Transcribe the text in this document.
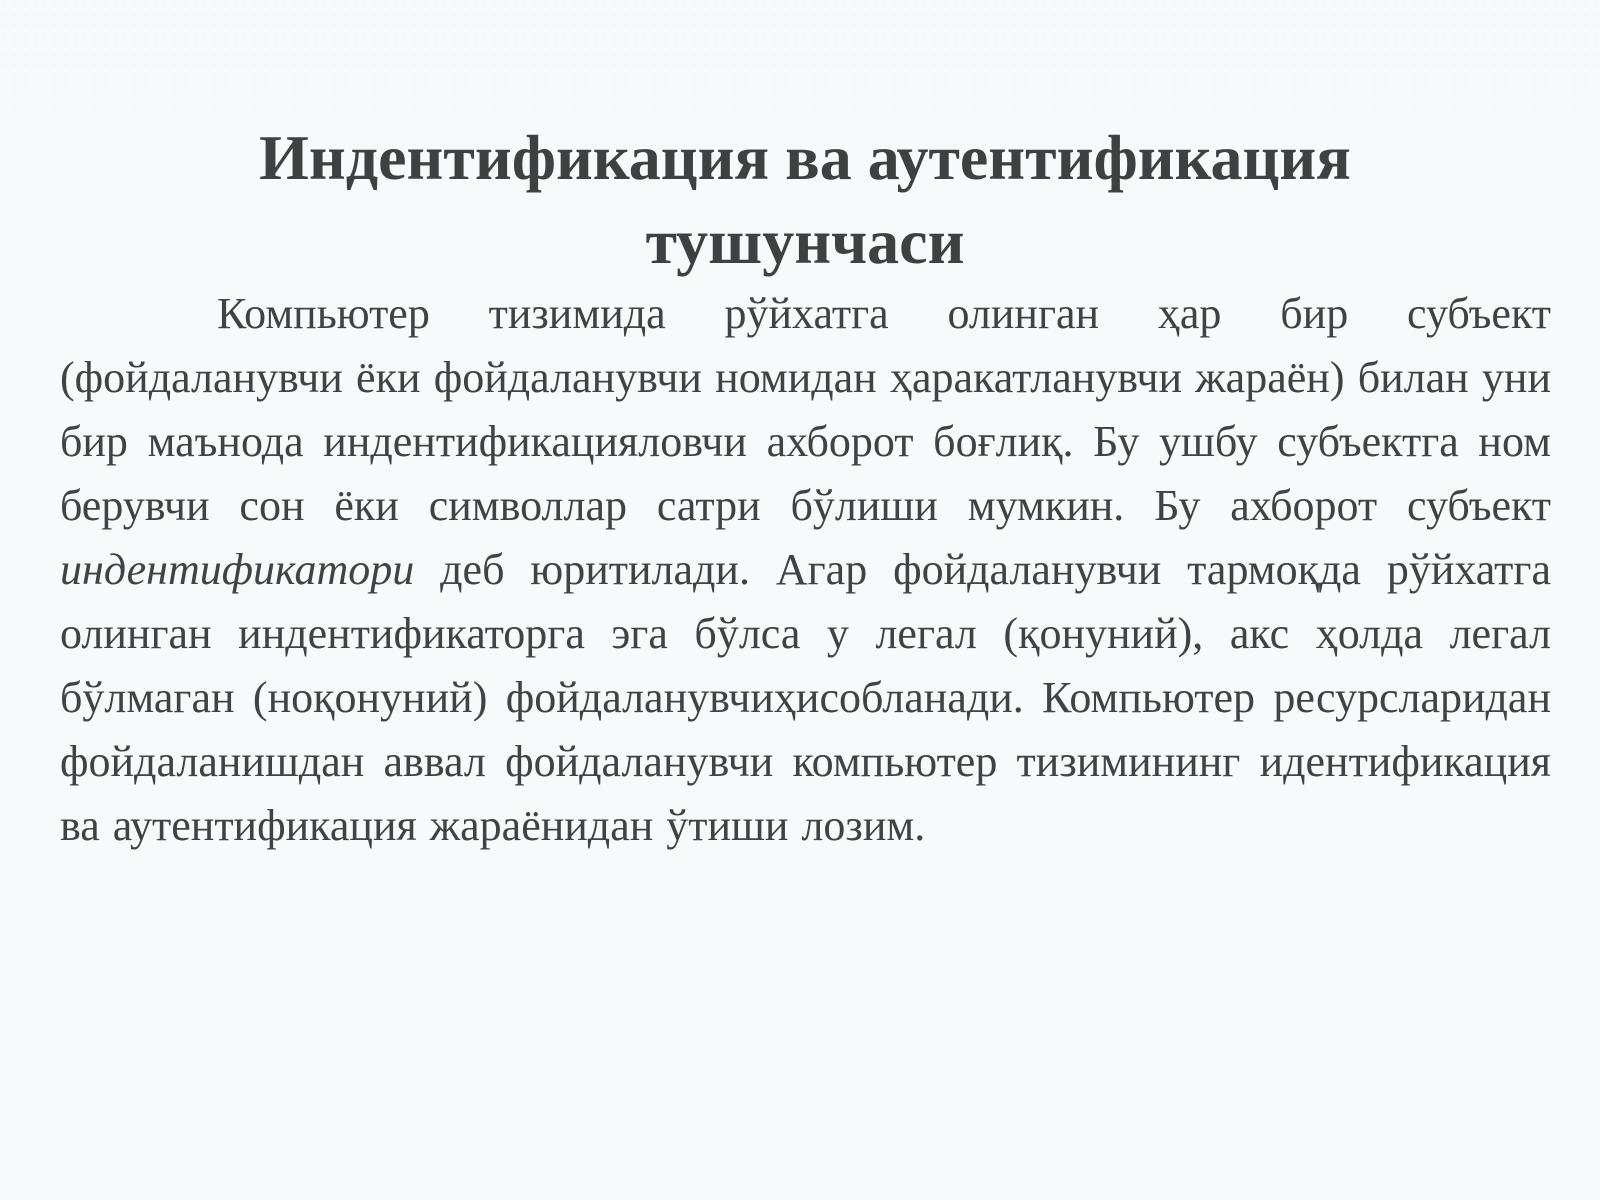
Индентификация ва аутентификация
тушунчаси

Компьютер тизимида рўйхатга олинган ҳар бир субъект (фойдаланувчи ёки фойдаланувчи номидан ҳаракатланувчи жараён) билан уни бир маънода индентификацияловчи ахборот боғлиқ. Бу ушбу субъектга ном берувчи сон ёки символлар сатри бўлиши мумкин. Бу ахборот субъект индентификатори деб юритилади. Агар фойдаланувчи тармоқда рўйхатга олинган индентификаторга эга бўлса у легал (қонуний), акс ҳолда легал бўлмаган (ноқонуний) фойдаланувчиҳисобланади. Компьютер ресурсларидан фойдаланишдан аввал фойдаланувчи компьютер тизимининг идентификация ва аутентификация жараёнидан ўтиши лозим.
